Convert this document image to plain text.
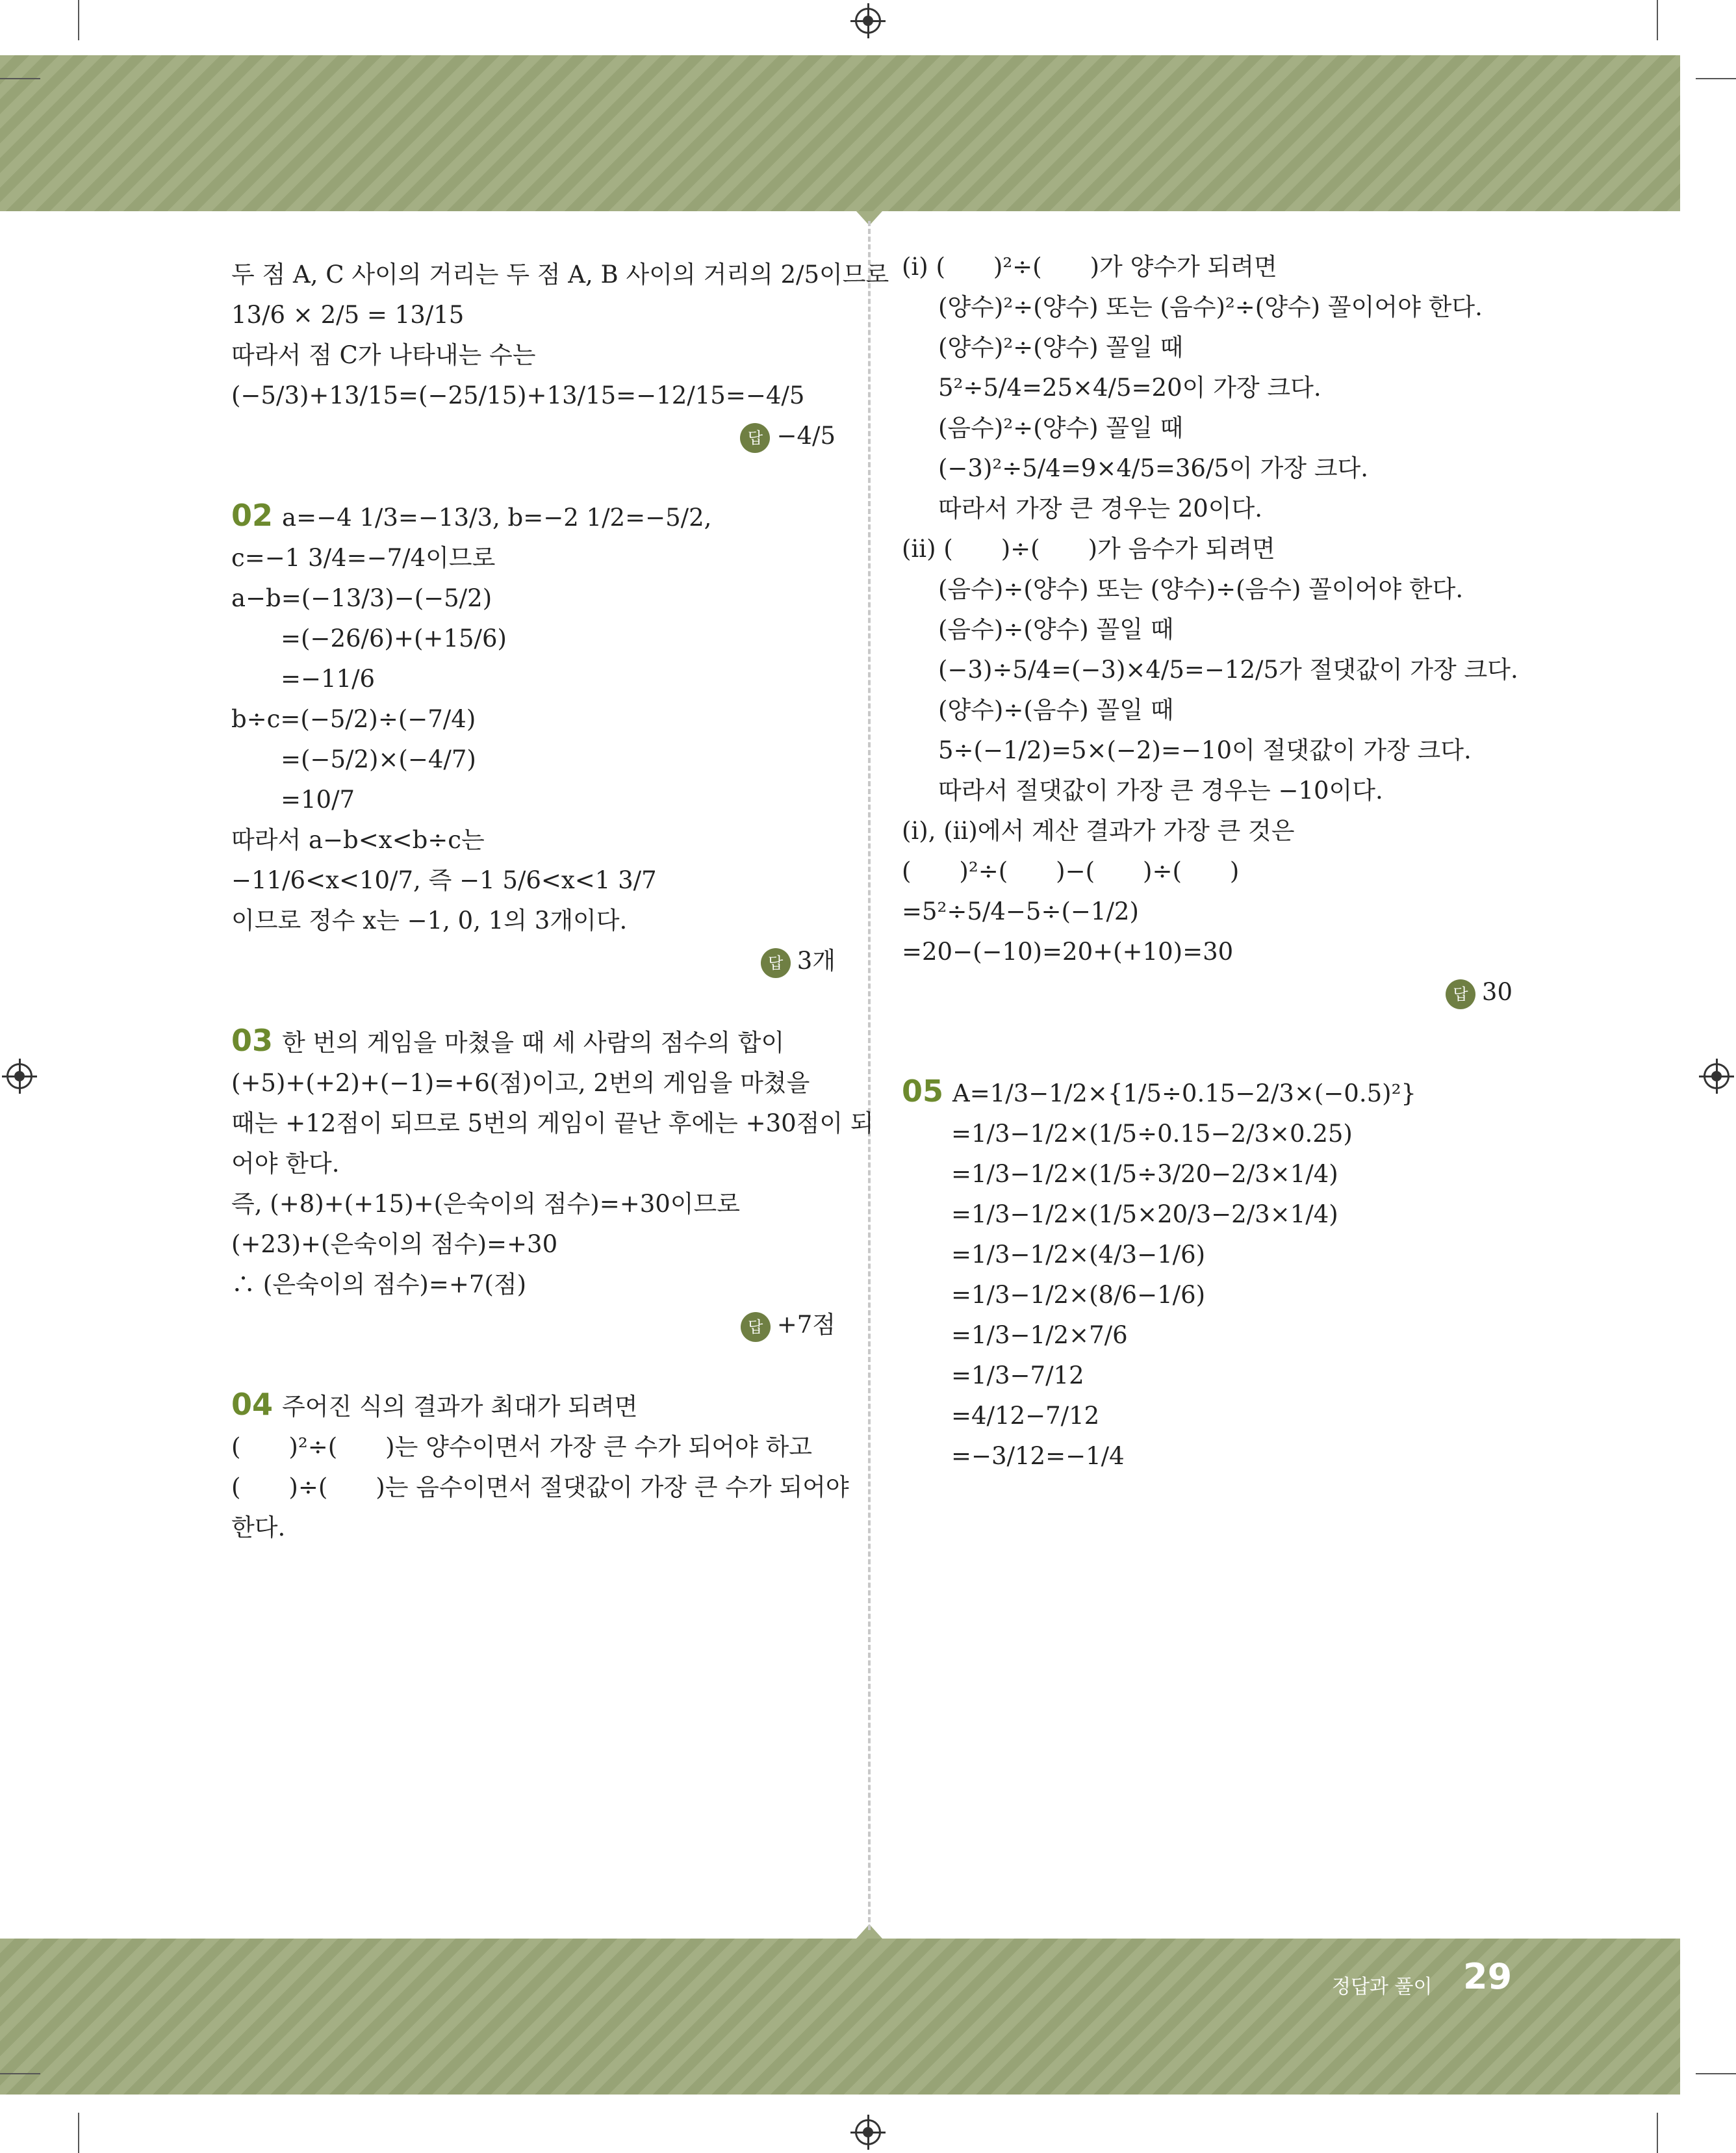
두 점 A, C 사이의 거리는 두 점 A, B 사이의 거리의 2/5이므로
13/6 × 2/5 = 13/15
따라서 점 C가 나타내는 수는
(−5/3)+13/15=(−25/15)+13/15=−12/15=−4/5
답 −4/5
02 a=−4 1/3=−13/3, b=−2 1/2=−5/2,
c=−1 3/4=−7/4이므로
a−b=(−13/3)−(−5/2)
=(−26/6)+(+15/6)
=−11/6
b÷c=(−5/2)÷(−7/4)
=(−5/2)×(−4/7)
=10/7
따라서 a−b<x<b÷c는
−11/6<x<10/7, 즉 −1 5/6<x<1 3/7
이므로 정수 x는 −1, 0, 1의 3개이다.
답 3개
03 한 번의 게임을 마쳤을 때 세 사람의 점수의 합이
(+5)+(+2)+(−1)=+6(점)이고, 2번의 게임을 마쳤을
때는 +12점이 되므로 5번의 게임이 끝난 후에는 +30점이 되
어야 한다.
즉, (+8)+(+15)+(은숙이의 점수)=+30이므로
(+23)+(은숙이의 점수)=+30
∴ (은숙이의 점수)=+7(점)
답 +7점
04 주어진 식의 결과가 최대가 되려면
(　　)²÷(　　)는 양수이면서 가장 큰 수가 되어야 하고
(　　)÷(　　)는 음수이면서 절댓값이 가장 큰 수가 되어야
한다.
(ⅰ) (　　)²÷(　　)가 양수가 되려면
(양수)²÷(양수) 또는 (음수)²÷(양수) 꼴이어야 한다.
(양수)²÷(양수) 꼴일 때
5²÷5/4=25×4/5=20이 가장 크다.
(음수)²÷(양수) 꼴일 때
(−3)²÷5/4=9×4/5=36/5이 가장 크다.
따라서 가장 큰 경우는 20이다.
(ⅱ) (　　)÷(　　)가 음수가 되려면
(음수)÷(양수) 또는 (양수)÷(음수) 꼴이어야 한다.
(음수)÷(양수) 꼴일 때
(−3)÷5/4=(−3)×4/5=−12/5가 절댓값이 가장 크다.
(양수)÷(음수) 꼴일 때
5÷(−1/2)=5×(−2)=−10이 절댓값이 가장 크다.
따라서 절댓값이 가장 큰 경우는 −10이다.
(ⅰ), (ⅱ)에서 계산 결과가 가장 큰 것은
(　　)²÷(　　)−(　　)÷(　　)
=5²÷5/4−5÷(−1/2)
=20−(−10)=20+(+10)=30
답 30
05 A=1/3−1/2×{1/5÷0.15−2/3×(−0.5)²}
=1/3−1/2×(1/5÷0.15−2/3×0.25)
=1/3−1/2×(1/5÷3/20−2/3×1/4)
=1/3−1/2×(1/5×20/3−2/3×1/4)
=1/3−1/2×(4/3−1/6)
=1/3−1/2×(8/6−1/6)
=1/3−1/2×7/6
=1/3−7/12
=4/12−7/12
=−3/12=−1/4
정답과 풀이 29
